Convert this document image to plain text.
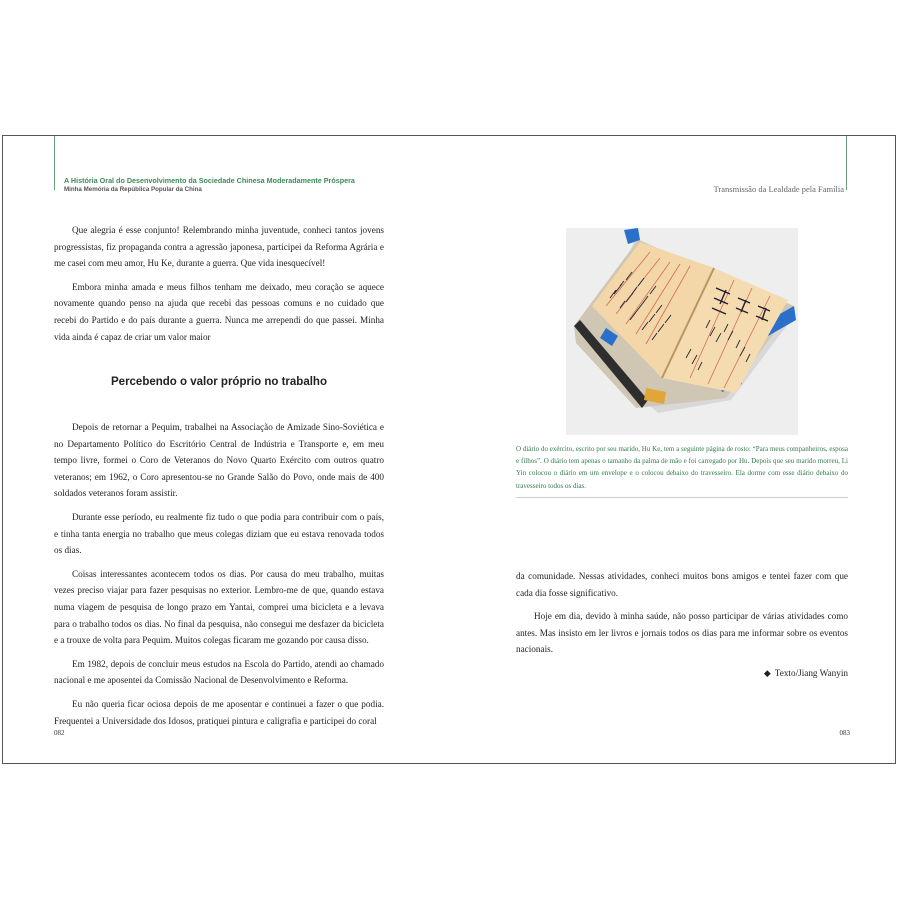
A História Oral do Desenvolvimento da Sociedade Chinesa Moderadamente Próspera
Minha Memória da República Popular da China	Transmissão da Lealdade pela Família

Que alegria é esse conjunto! Relembrando minha juventude, conheci tantos jovens progressistas, fiz propaganda contra a agressão japonesa, participei da Reforma Agrária e me casei com meu amor, Hu Ke, durante a guerra. Que vida inesquecível!

Embora minha amada e meus filhos tenham me deixado, meu coração se aquece novamente quando penso na ajuda que recebi das pessoas comuns e no cuidado que recebi do Partido e do país durante a guerra. Nunca me arrependi do que passei. Minha vida ainda é capaz de criar um valor maior

Percebendo o valor próprio no trabalho

Depois de retornar a Pequim, trabalhei na Associação de Amizade Sino-Soviética e no Departamento Político do Escritório Central de Indústria e Transporte e, em meu tempo livre, formei o Coro de Veteranos do Novo Quarto Exército com outros quatro veteranos; em 1962, o Coro apresentou-se no Grande Salão do Povo, onde mais de 400 soldados veteranos foram assistir.

Durante esse período, eu realmente fiz tudo o que podia para contribuir com o país, e tinha tanta energia no trabalho que meus colegas diziam que eu estava renovada todos os dias.

Coisas interessantes acontecem todos os dias. Por causa do meu trabalho, muitas vezes preciso viajar para fazer pesquisas no exterior. Lembro-me de que, quando estava numa viagem de pesquisa de longo prazo em Yantai, comprei uma bicicleta e a levava para o trabalho todos os dias. No final da pesquisa, não consegui me desfazer da bicicleta e a trouxe de volta para Pequim. Muitos colegas ficaram me gozando por causa disso.

Em 1982, depois de concluir meus estudos na Escola do Partido, atendi ao chamado nacional e me aposentei da Comissão Nacional de Desenvolvimento e Reforma.

Eu não queria ficar ociosa depois de me aposentar e continuei a fazer o que podia. Frequentei a Universidade dos Idosos, pratiquei pintura e caligrafia e participei do coral

O diário do exército, escrito por seu marido, Hu Ke, tem a seguinte página de rosto: “Para meus companheiros, esposa e filhos”. O diário tem apenas o tamanho da palma de mão e foi carregado por Hu. Depois que seu marido morreu, Li Yin colocou o diário em um envelope e o colocou debaixo do travesseiro. Ela dorme com esse diário debaixo do travesseiro todos os dias.

da comunidade. Nessas atividades, conheci muitos bons amigos e tentei fazer com que cada dia fosse significativo.

Hoje em dia, devido à minha saúde, não posso participar de várias atividades como antes. Mas insisto em ler livros e jornais todos os dias para me informar sobre os eventos nacionais.

◆ Texto/Jiang Wanyin
082	083
